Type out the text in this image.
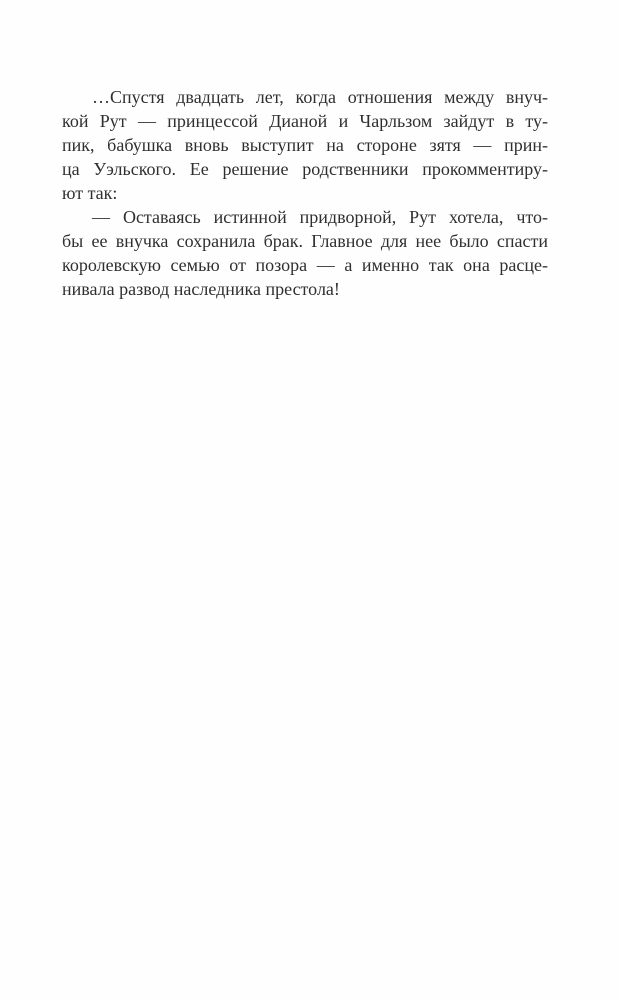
…Спустя двадцать лет, когда отношения между внуч-

кой Рут — принцессой Дианой и Чарльзом зайдут в ту-

пик, бабушка вновь выступит на стороне зятя — прин-

ца Уэльского. Ее решение родственники прокомментиру-

ют так:

— Оставаясь истинной придворной, Рут хотела, что-

бы ее внучка сохранила брак. Главное для нее было спасти

королевскую семью от позора — а именно так она расце-

нивала развод наследника престола!
